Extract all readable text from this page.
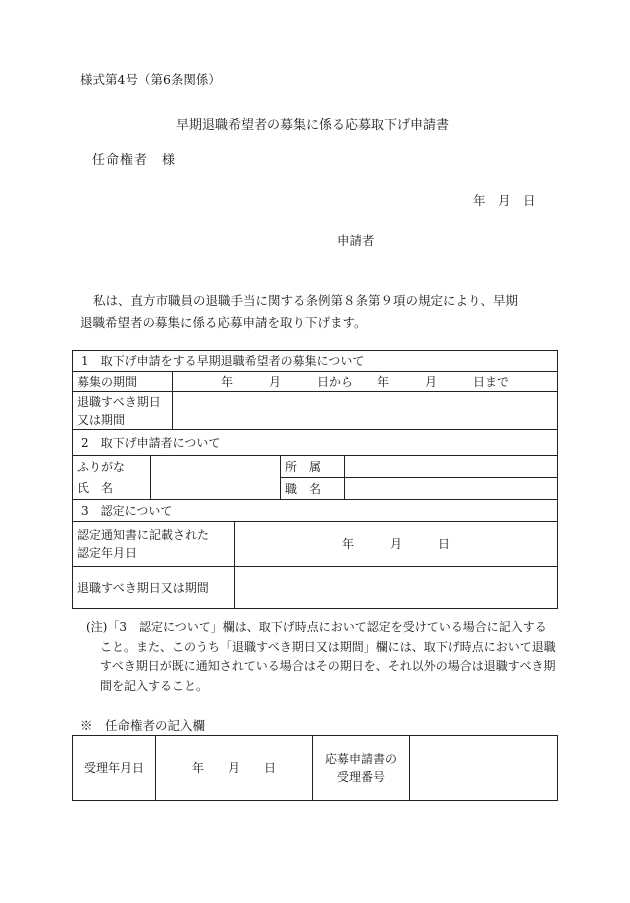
様式第4号（第6条関係）
早期退職希望者の募集に係る応募取下げ申請書
任命権者　様
年　月　日
申請者
私は、直方市職員の退職手当に関する条例第８条第９項の規定により、早期
退職希望者の募集に係る応募申請を取り下げます。
1　取下げ申請をする早期退職希望者の募集について					
募集の期間		年　　　月　　　日から　　年　　　月　　　日まで			
退職すべき期日
又は期間					
2　取下げ申請者について					
ふりがな				所　属	
氏　名				職　名	
3　認定について					
認定通知書に記載された
認定年月日			年　　　月　　　日		
退職すべき期日又は期間					
(注)「3　認定について」欄は、取下げ時点において認定を受けている場合に記入する
こと。また、このうち「退職すべき期日又は期間」欄には、取下げ時点において退職
すべき期日が既に通知されている場合はその期日を、それ以外の場合は退職すべき期
間を記入すること。
※　任命権者の記入欄
受理年月日	年　　月　　日	応募申請書の
受理番号	
